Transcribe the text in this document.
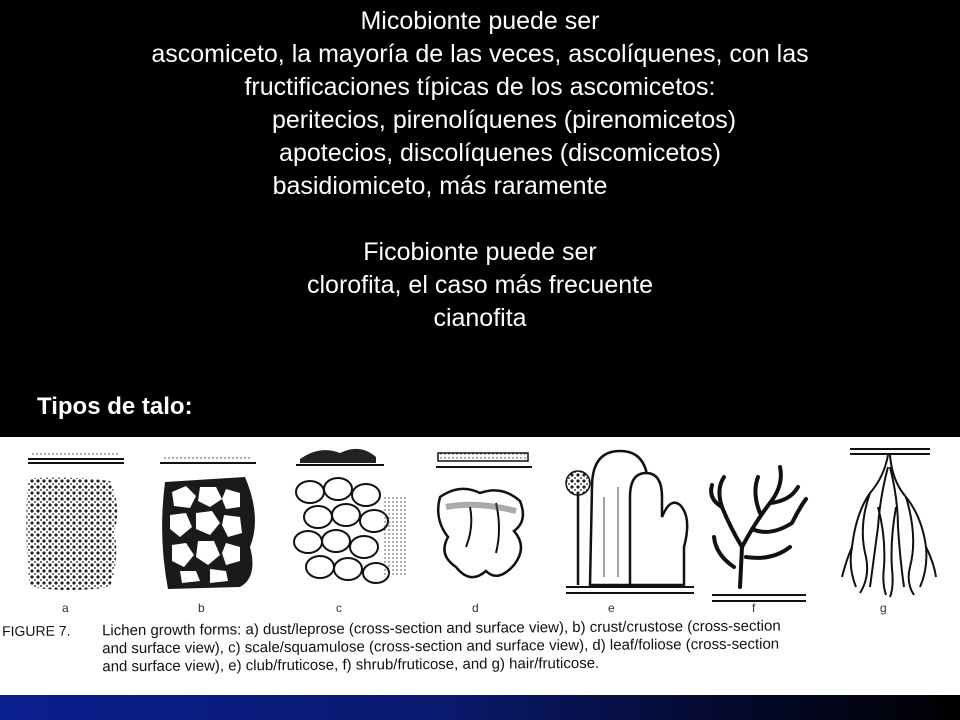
Micobionte puede ser
ascomiceto, la mayoría de las veces, ascolíquenes, con las
fructificaciones típicas de los ascomicetos:
peritecios, pirenolíquenes (pirenomicetos)
apotecios, discolíquenes (discomicetos)
basidiomiceto, más raramente
Ficobionte puede ser
clorofita, el caso más frecuente
cianofita
Tipos de talo:
a	b	c	d	e	f	g
FIGURE 7. Lichen growth forms: a) dust/leprose (cross-section and surface view), b) crust/crustose (cross-section
and surface view), c) scale/squamulose (cross-section and surface view), d) leaf/foliose (cross-section
and surface view), e) club/fruticose, f) shrub/fruticose, and g) hair/fruticose.
